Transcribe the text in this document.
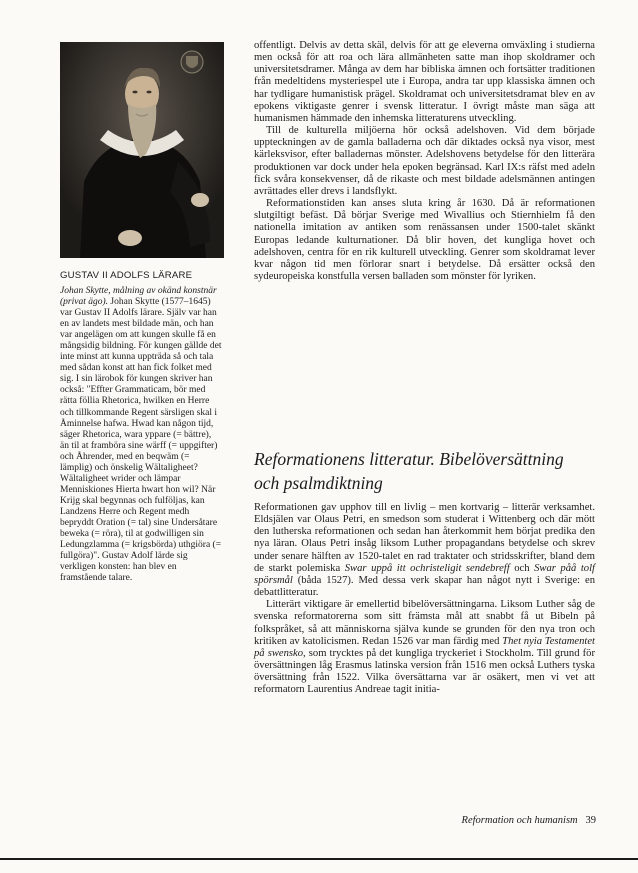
GUSTAV II ADOLFS LÄRARE

Johan Skytte, målning av okänd konstnär (privat ägo). Johan Skytte (1577–1645) var Gustav II Adolfs lärare. Själv var han en av landets mest bildade män, och han var angelägen om att kungen skulle få en mångsidig bildning. För kungen gällde det inte minst att kunna uppträda så och tala med sådan konst att han fick folket med sig. I sin lärobok för kungen skriver han också: "Effter Grammaticam, bör med rätta föllia Rhetorica, hwilken en Herre och tillkommande Regent särsligen skal i Åminnelse hafwa. Hwad kan någon tijd, säger Rhetorica, wara yppare (= bättre), än til at framböra sine wärff (= uppgifter) och Åhrender, med en beqwäm (= lämplig) och önskelig Wältaligheet? Wältaligheet wrider och lämpar Menniskiones Hierta hwart hon wil? När Krijg skal begynnas och fulföljas, kan Landzens Herre och Regent medh bepryddt Oration (= tal) sine Undersåtare beweka (= röra), til at godwilligen sin Ledungzlamma (= krigsbörda) uthgiöra (= fullgöra)". Gustav Adolf lärde sig verkligen konsten: han blev en framstående talare.

offentligt. Delvis av detta skäl, delvis för att ge eleverna omväxling i studierna men också för att roa och lära allmänheten satte man ihop skoldramer och universitetsdramer. Många av dem har bibliska ämnen och fortsätter traditionen från medeltidens mysteriespel ute i Europa, andra tar upp klassiska ämnen och har tydligare humanistisk prägel. Skoldramat och universitetsdramat blev en av epokens viktigaste genrer i svensk litteratur. I övrigt måste man säga att humanismen hämmade den inhemska litteraturens utveckling.

Till de kulturella miljöerna hör också adelshoven. Vid dem började uppteckningen av de gamla balladerna och där diktades också nya visor, mest kärleksvisor, efter balladernas mönster. Adelshovens betydelse för den litterära produktionen var dock under hela epoken begränsad. Karl IX:s räfst med adeln fick svåra konsekvenser, då de rikaste och mest bildade adelsmännen antingen avrättades eller drevs i landsflykt.

Reformationstiden kan anses sluta kring år 1630. Då är reformationen slutgiltigt befäst. Då börjar Sverige med Wivallius och Stiernhielm få den nationella imitation av antiken som renässansen under 1500-talet skänkt Europas ledande kulturnationer. Då blir hoven, det kungliga hovet och adelshoven, centra för en rik kulturell utveckling. Genrer som skoldramat lever kvar någon tid men förlorar snart i betydelse. Då ersätter också den sydeuropeiska konstfulla versen balladen som mönster för lyriken.

Reformationens litteratur. Bibelöversättning
och psalmdiktning

Reformationen gav upphov till en livlig – men kortvarig – litterär verksamhet. Eldsjälen var Olaus Petri, en smedson som studerat i Wittenberg och där mött den lutherska reformationen och sedan han återkommit hem börjat predika den nya läran. Olaus Petri insåg liksom Luther propagandans betydelse och skrev under senare hälften av 1520-talet en rad traktater och stridsskrifter, bland dem de starkt polemiska Swar uppå itt ochristeligit sendebreff och Swar påå tolf spörsmål (båda 1527). Med dessa verk skapar han något nytt i Sverige: en debattlitteratur.

Litterärt viktigare är emellertid bibelöversättningarna. Liksom Luther såg de svenska reformatorerna som sitt främsta mål att snabbt få ut Bibeln på folkspråket, så att människorna själva kunde se grunden för den nya tron och kritiken av katolicismen. Redan 1526 var man färdig med Thet nyia Testamentet på swensko, som trycktes på det kungliga tryckeriet i Stockholm. Till grund för översättningen låg Erasmus latinska version från 1516 men också Luthers tyska översättning från 1522. Vilka översättarna var är osäkert, men vi vet att reformatorn Laurentius Andreae tagit initia-

Reformation och humanism 39
